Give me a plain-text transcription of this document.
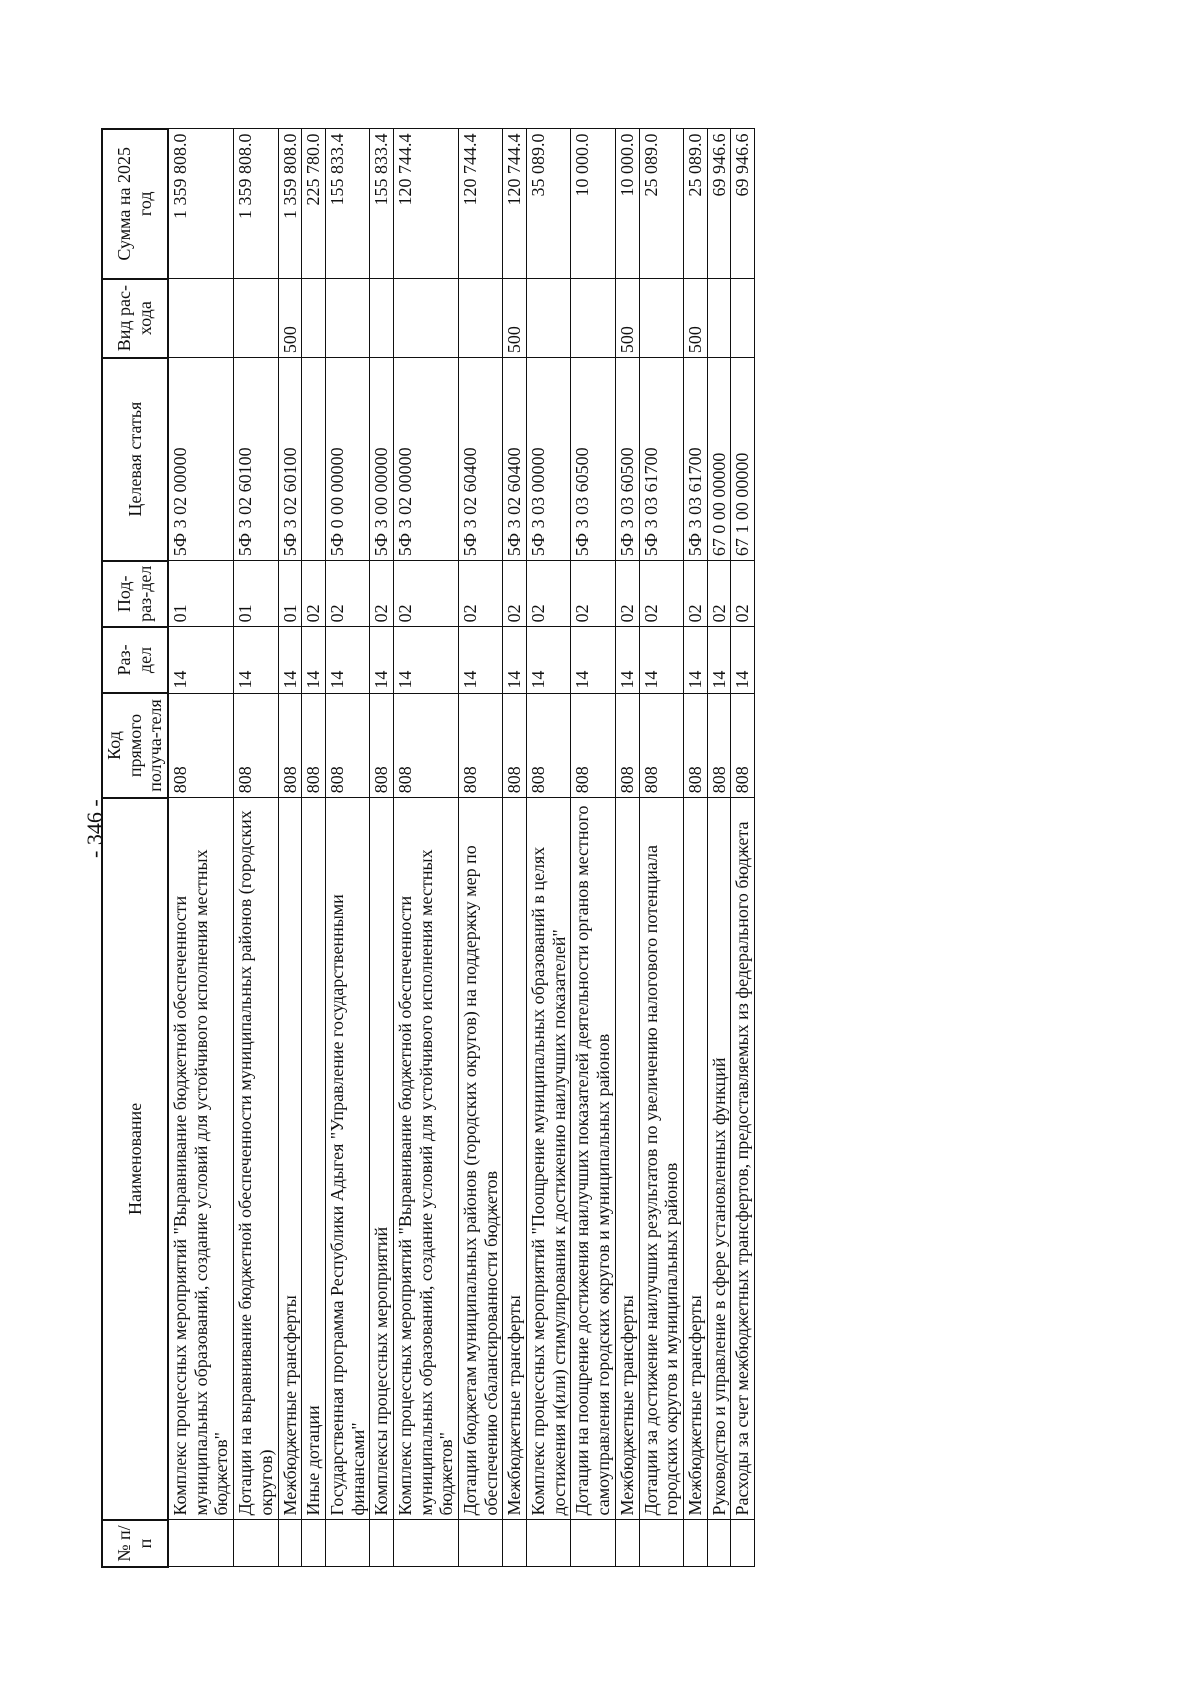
- 346 -
№ п/п	Наименование	Код прямого получа-теля	Раз-дел	Под-раз-дел	Целевая статья	Вид рас-хода	Сумма на 2025 год
	Комплекс процессных мероприятий "Выравнивание бюджетной обеспеченности муниципальных образований, создание условий для устойчивого исполнения местных бюджетов"	808	14	01	5Ф 3 02 00000		1 359 808.0
	Дотации на выравнивание бюджетной обеспеченности муниципальных районов (городских округов)	808	14	01	5Ф 3 02 60100		1 359 808.0
	Межбюджетные трансферты	808	14	01	5Ф 3 02 60100	500	1 359 808.0
	Иные дотации	808	14	02			225 780.0
	Государственная программа Республики Адыгея "Управление государственными финансами"	808	14	02	5Ф 0 00 00000		155 833.4
	Комплексы процессных мероприятий	808	14	02	5Ф 3 00 00000		155 833.4
	Комплекс процессных мероприятий "Выравнивание бюджетной обеспеченности муниципальных образований, создание условий для устойчивого исполнения местных бюджетов"	808	14	02	5Ф 3 02 00000		120 744.4
	Дотации бюджетам муниципальных районов (городских округов) на поддержку мер по обеспечению сбалансированности бюджетов	808	14	02	5Ф 3 02 60400		120 744.4
	Межбюджетные трансферты	808	14	02	5Ф 3 02 60400	500	120 744.4
	Комплекс процессных мероприятий "Поощрение муниципальных образований в целях достижения и(или) стимулирования к достижению наилучших показателей"	808	14	02	5Ф 3 03 00000		35 089.0
	Дотации на поощрение достижения наилучших показателей деятельности органов местного самоуправления городских округов и муниципальных районов	808	14	02	5Ф 3 03 60500		10 000.0
	Межбюджетные трансферты	808	14	02	5Ф 3 03 60500	500	10 000.0
	Дотации за достижение наилучших результатов по увеличению налогового потенциала городских округов и муниципальных районов	808	14	02	5Ф 3 03 61700		25 089.0
	Межбюджетные трансферты	808	14	02	5Ф 3 03 61700	500	25 089.0
	Руководство и управление в сфере установленных функций	808	14	02	67 0 00 00000		69 946.6
	Расходы за счет межбюджетных трансфертов, предоставляемых из федерального бюджета	808	14	02	67 1 00 00000		69 946.6
